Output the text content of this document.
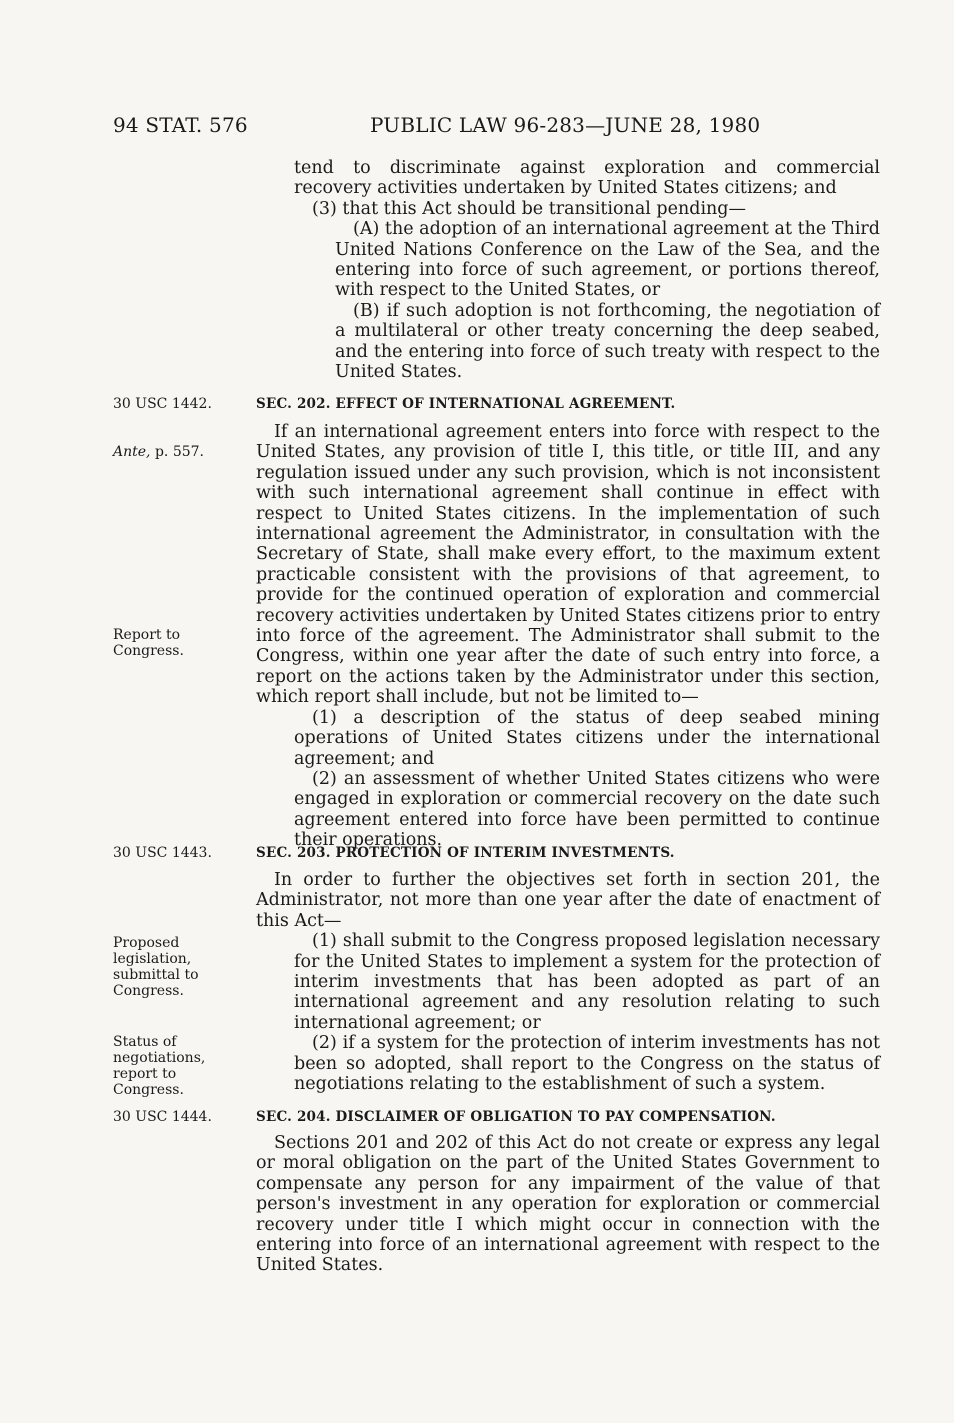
94 STAT. 576	PUBLIC LAW 96-283—JUNE 28, 1980

tend to discriminate against exploration and commercial recovery activities undertaken by United States citizens; and

(3) that this Act should be transitional pending—

(A) the adoption of an international agreement at the Third United Nations Conference on the Law of the Sea, and the entering into force of such agreement, or portions thereof, with respect to the United States, or

(B) if such adoption is not forthcoming, the negotiation of a multilateral or other treaty concerning the deep seabed, and the entering into force of such treaty with respect to the United States.

30 USC 1442.	SEC. 202. EFFECT OF INTERNATIONAL AGREEMENT.
Ante, p. 557.
Report to Congress.

If an international agreement enters into force with respect to the United States, any provision of title I, this title, or title III, and any regulation issued under any such provision, which is not inconsistent with such international agreement shall continue in effect with respect to United States citizens. In the implementation of such international agreement the Administrator, in consultation with the Secretary of State, shall make every effort, to the maximum extent practicable consistent with the provisions of that agreement, to provide for the continued operation of exploration and commercial recovery activities undertaken by United States citizens prior to entry into force of the agreement. The Administrator shall submit to the Congress, within one year after the date of such entry into force, a report on the actions taken by the Administrator under this section, which report shall include, but not be limited to—

(1) a description of the status of deep seabed mining operations of United States citizens under the international agreement; and

(2) an assessment of whether United States citizens who were engaged in exploration or commercial recovery on the date such agreement entered into force have been permitted to continue their operations.

30 USC 1443.	SEC. 203. PROTECTION OF INTERIM INVESTMENTS.
Proposed legislation, submittal to Congress.
Status of negotiations, report to Congress.

In order to further the objectives set forth in section 201, the Administrator, not more than one year after the date of enactment of this Act—

(1) shall submit to the Congress proposed legislation necessary for the United States to implement a system for the protection of interim investments that has been adopted as part of an international agreement and any resolution relating to such international agreement; or

(2) if a system for the protection of interim investments has not been so adopted, shall report to the Congress on the status of negotiations relating to the establishment of such a system.

30 USC 1444.	SEC. 204. DISCLAIMER OF OBLIGATION TO PAY COMPENSATION.

Sections 201 and 202 of this Act do not create or express any legal or moral obligation on the part of the United States Government to compensate any person for any impairment of the value of that person's investment in any operation for exploration or commercial recovery under title I which might occur in connection with the entering into force of an international agreement with respect to the United States.
